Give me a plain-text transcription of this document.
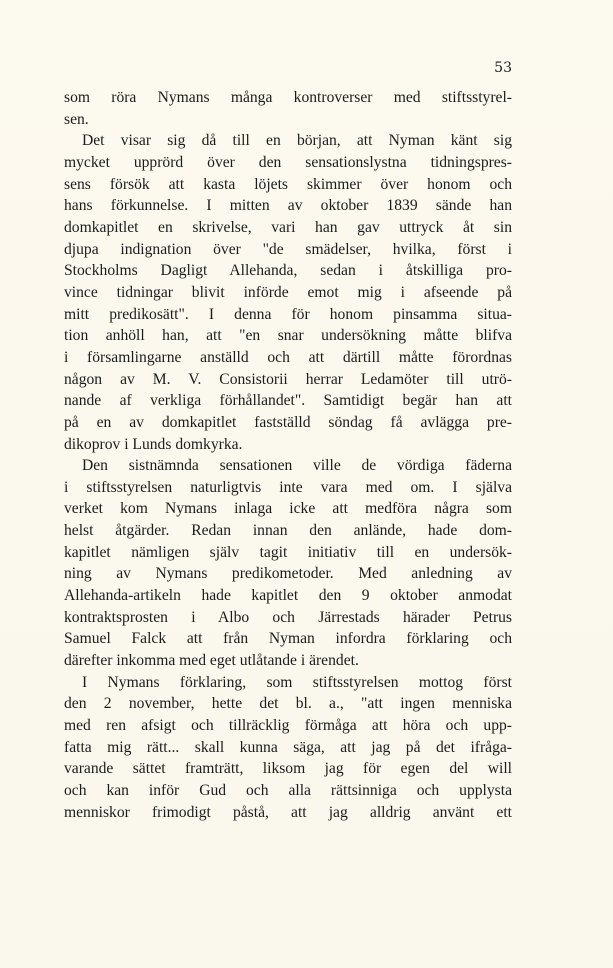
53
som röra Nymans många kontroverser med stiftsstyrel-
sen.
Det visar sig då till en början, att Nyman känt sig
mycket upprörd över den sensationslystna tidningspres-
sens försök att kasta löjets skimmer över honom och
hans förkunnelse. I mitten av oktober 1839 sände han
domkapitlet en skrivelse, vari han gav uttryck åt sin
djupa indignation över "de smädelser, hvilka, först i
Stockholms Dagligt Allehanda, sedan i åtskilliga pro-
vince tidningar blivit införde emot mig i afseende på
mitt predikosätt". I denna för honom pinsamma situa-
tion anhöll han, att "en snar undersökning måtte blifva
i församlingarne anställd och att därtill måtte förordnas
någon av M. V. Consistorii herrar Ledamöter till utrö-
nande af verkliga förhållandet". Samtidigt begär han att
på en av domkapitlet fastställd söndag få avlägga pre-
dikoprov i Lunds domkyrka.
Den sistnämnda sensationen ville de vördiga fäderna
i stiftsstyrelsen naturligtvis inte vara med om. I själva
verket kom Nymans inlaga icke att medföra några som
helst åtgärder. Redan innan den anlände, hade dom-
kapitlet nämligen själv tagit initiativ till en undersök-
ning av Nymans predikometoder. Med anledning av
Allehanda-artikeln hade kapitlet den 9 oktober anmodat
kontraktsprosten i Albo och Järrestads härader Petrus
Samuel Falck att från Nyman infordra förklaring och
därefter inkomma med eget utlåtande i ärendet.
I Nymans förklaring, som stiftsstyrelsen mottog först
den 2 november, hette det bl. a., "att ingen menniska
med ren afsigt och tillräcklig förmåga att höra och upp-
fatta mig rätt... skall kunna säga, att jag på det ifråga-
varande sättet framträtt, liksom jag för egen del will
och kan inför Gud och alla rättsinniga och upplysta
menniskor frimodigt påstå, att jag alldrig använt ett
